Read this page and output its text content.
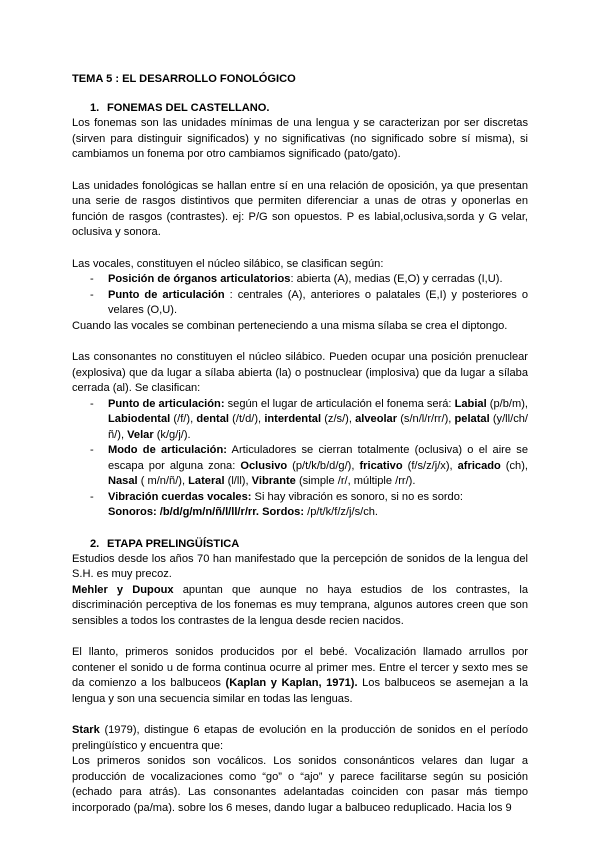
TEMA 5 : EL DESARROLLO FONOLÓGICO
1. FONEMAS DEL CASTELLANO.

Los fonemas son las unidades mínimas de una lengua y se caracterizan por ser discretas (sirven para distinguir significados) y no significativas (no significado sobre sí misma), si cambiamos un fonema por otro cambiamos significado (pato/gato).

Las unidades fonológicas se hallan entre sí en una relación de oposición, ya que presentan una serie de rasgos distintivos que permiten diferenciar a unas de otras y oponerlas en función de rasgos (contrastes). ej: P/G son opuestos. P es labial,oclusiva,sorda y G velar, oclusiva y sonora.

Las vocales, constituyen el núcleo silábico, se clasifican según:

- Posición de órganos articulatorios: abierta (A), medias (E,O) y cerradas (I,U).
- Punto de articulación : centrales (A), anteriores o palatales (E,I) y posteriores o velares (O,U).

Cuando las vocales se combinan perteneciendo a una misma sílaba se crea el diptongo.

Las consonantes no constituyen el núcleo silábico. Pueden ocupar una posición prenuclear (explosiva) que da lugar a sílaba abierta (la) o postnuclear (implosiva) que da lugar a sílaba cerrada (al). Se clasifican:

- Punto de articulación: según el lugar de articulación el fonema será: Labial (p/b/m), Labiodental (/f/), dental (/t/d/), interdental (z/s/), alveolar (s/n/l/r/rr/), pelatal (y/ll/ch/ñ/), Velar (k/g/j/).
- Modo de articulación: Articuladores se cierran totalmente (oclusiva) o el aire se escapa por alguna zona: Oclusivo (p/t/k/b/d/g/), fricativo (f/s/z/j/x), africado (ch), Nasal ( m/n/ñ/), Lateral (l/ll), Vibrante (simple /r/, múltiple /rr/).
- Vibración cuerdas vocales: Si hay vibración es sonoro, si no es sordo:
Sonoros: /b/d/g/m/n/ñ/l/ll/r/rr. Sordos: /p/t/k/f/z/j/s/ch.
2. ETAPA PRELINGÜÍSTICA

Estudios desde los años 70 han manifestado que la percepción de sonidos de la lengua del S.H. es muy precoz.

Mehler y Dupoux apuntan que aunque no haya estudios de los contrastes, la discriminación perceptiva de los fonemas es muy temprana, algunos autores creen que son sensibles a todos los contrastes de la lengua desde recien nacidos.

El llanto, primeros sonidos producidos por el bebé. Vocalización llamado arrullos por contener el sonido u de forma continua ocurre al primer mes. Entre el tercer y sexto mes se da comienzo a los balbuceos (Kaplan y Kaplan, 1971). Los balbuceos se asemejan a la lengua y son una secuencia similar en todas las lenguas.

Stark (1979), distingue 6 etapas de evolución en la producción de sonidos en el período prelingüístico y encuentra que:

Los primeros sonidos son vocálicos. Los sonidos consonánticos velares dan lugar a producción de vocalizaciones como “go” o “ajo” y parece facilitarse según su posición (echado para atrás). Las consonantes adelantadas coinciden con pasar más tiempo incorporado (pa/ma). sobre los 6 meses, dando lugar a balbuceo reduplicado. Hacia los 9
